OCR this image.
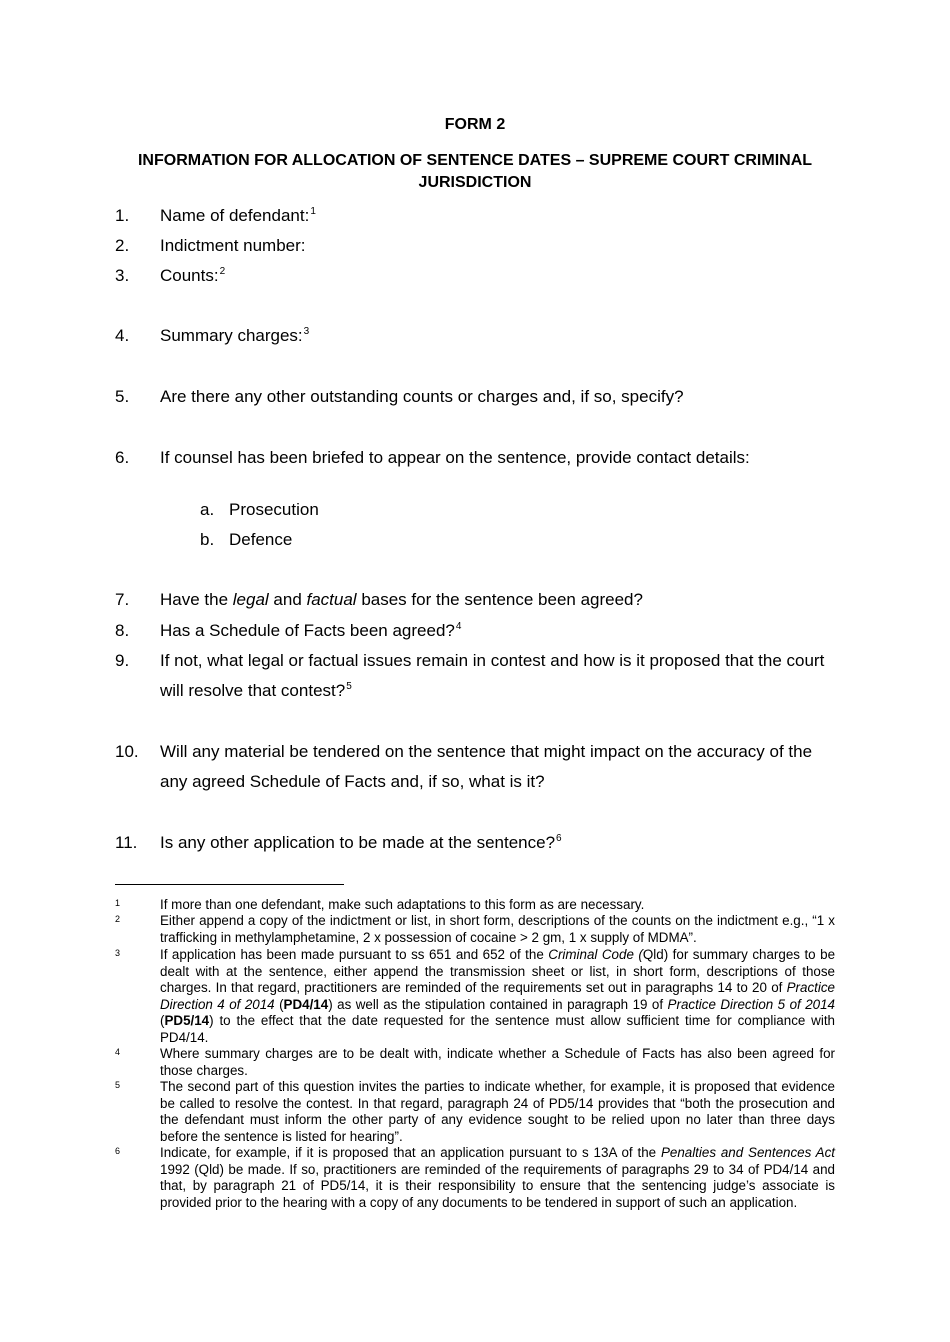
FORM 2
INFORMATION FOR ALLOCATION OF SENTENCE DATES – SUPREME COURT CRIMINAL JURISDICTION
1. Name of defendant:$^1$
2. Indictment number:
3. Counts:$^2$
4. Summary charges:$^3$
5. Are there any other outstanding counts or charges and, if so, specify?
6. If counsel has been briefed to appear on the sentence, provide contact details:
a. Prosecution
b. Defence
7. Have the legal and factual bases for the sentence been agreed?
8. Has a Schedule of Facts been agreed?$^4$
9. If not, what legal or factual issues remain in contest and how is it proposed that the court will resolve that contest?$^5$
10. Will any material be tendered on the sentence that might impact on the accuracy of the any agreed Schedule of Facts and, if so, what is it?
11. Is any other application to be made at the sentence?$^6$
1	If more than one defendant, make such adaptations to this form as are necessary.
2	Either append a copy of the indictment or list, in short form, descriptions of the counts on the indictment e.g., “1 x trafficking in methylamphetamine, 2 x possession of cocaine > 2 gm, 1 x supply of MDMA”.
3	If application has been made pursuant to ss 651 and 652 of the Criminal Code (Qld) for summary charges to be dealt with at the sentence, either append the transmission sheet or list, in short form, descriptions of those charges. In that regard, practitioners are reminded of the requirements set out in paragraphs 14 to 20 of Practice Direction 4 of 2014 (PD4/14) as well as the stipulation contained in paragraph 19 of Practice Direction 5 of 2014 (PD5/14) to the effect that the date requested for the sentence must allow sufficient time for compliance with PD4/14.
4	Where summary charges are to be dealt with, indicate whether a Schedule of Facts has also been agreed for those charges.
5	The second part of this question invites the parties to indicate whether, for example, it is proposed that evidence be called to resolve the contest. In that regard, paragraph 24 of PD5/14 provides that “both the prosecution and the defendant must inform the other party of any evidence sought to be relied upon no later than three days before the sentence is listed for hearing”.
6	Indicate, for example, if it is proposed that an application pursuant to s 13A of the Penalties and Sentences Act 1992 (Qld) be made. If so, practitioners are reminded of the requirements of paragraphs 29 to 34 of PD4/14 and that, by paragraph 21 of PD5/14, it is their responsibility to ensure that the sentencing judge’s associate is provided prior to the hearing with a copy of any documents to be tendered in support of such an application.
